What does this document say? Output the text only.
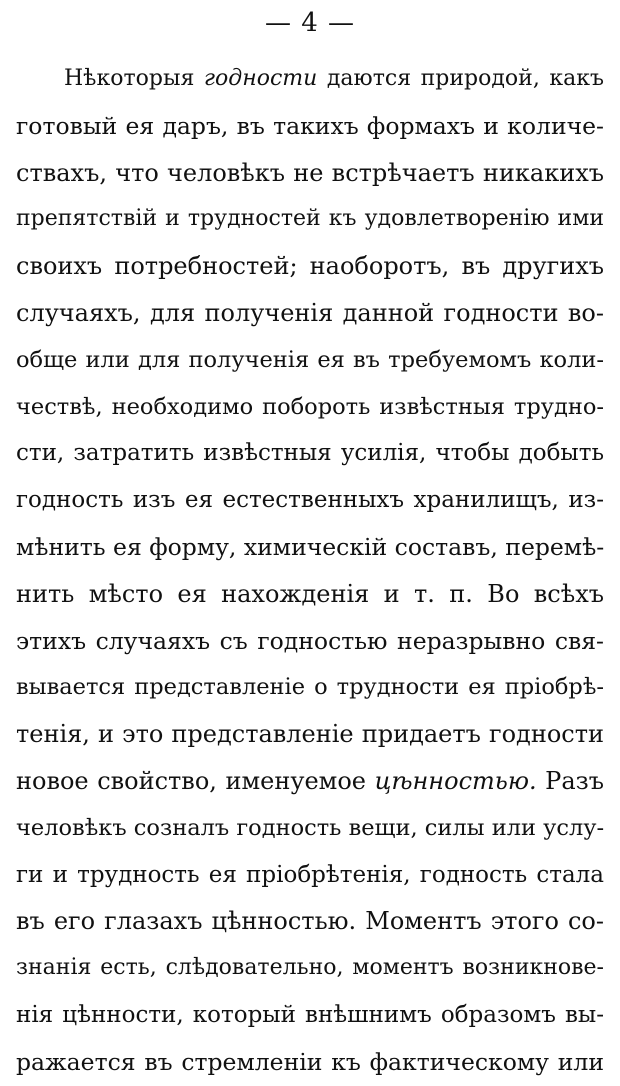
— 4 —
Нѣкоторыя годности даются природой, какъ
готовый ея даръ, въ такихъ формахъ и количе-
ствахъ, что человѣкъ не встрѣчаетъ никакихъ
препятствій и трудностей къ удовлетворенію ими
своихъ потребностей; наоборотъ, въ другихъ
случаяхъ, для полученія данной годности во-
обще или для полученія ея въ требуемомъ коли-
чествѣ, необходимо побороть извѣстныя трудно-
сти, затратить извѣстныя усилія, чтобы добыть
годность изъ ея естественныхъ хранилищъ, из-
мѣнить ея форму, химическій составъ, перемѣ-
нить мѣсто ея нахожденія и т. п. Во всѣхъ
этихъ случаяхъ съ годностью неразрывно свя-
вывается представленіе о трудности ея пріобрѣ-
тенія, и это представленіе придаетъ годности
новое свойство, именуемое цѣнностью. Разъ
человѣкъ созналъ годность вещи, силы или услу-
ги и трудность ея пріобрѣтенія, годность стала
въ его глазахъ цѣнностью. Моментъ этого со-
знанія есть, слѣдовательно, моментъ возникнове-
нія цѣнности, который внѣшнимъ образомъ вы-
ражается въ стремленіи къ фактическому или
